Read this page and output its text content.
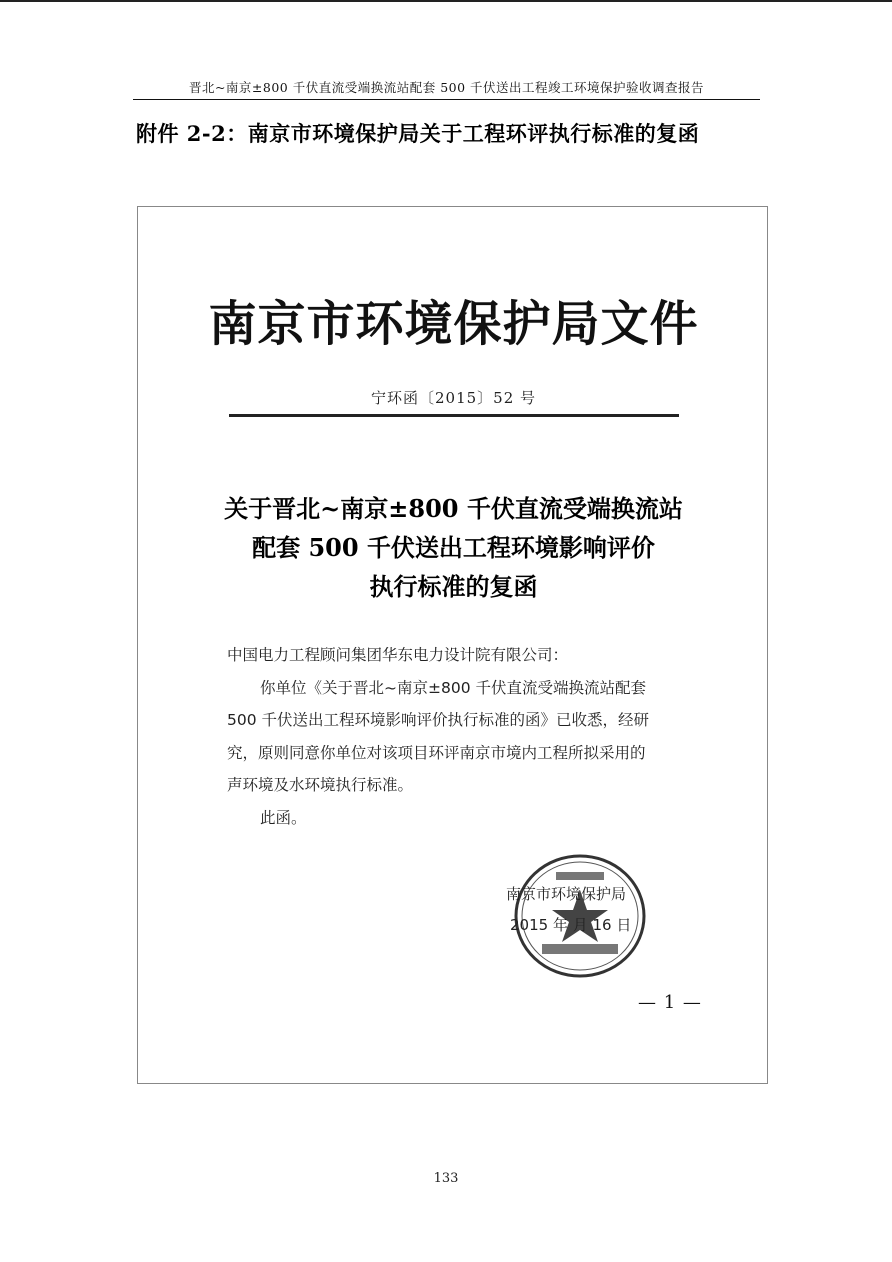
晋北~南京±800 千伏直流受端换流站配套 500 千伏送出工程竣工环境保护验收调查报告
附件 2-2：南京市环境保护局关于工程环评执行标准的复函
南京市环境保护局文件
宁环函〔2015〕52 号
关于晋北~南京±800 千伏直流受端换流站
配套 500 千伏送出工程环境影响评价
执行标准的复函

中国电力工程顾问集团华东电力设计院有限公司：

你单位《关于晋北~南京±800 千伏直流受端换流站配套

500 千伏送出工程环境影响评价执行标准的函》已收悉，经研

究，原则同意你单位对该项目环评南京市境内工程所拟采用的

声环境及水环境执行标准。

此函。

南京市环境保护局
2015 年 月 16 日
— 1 —
133
